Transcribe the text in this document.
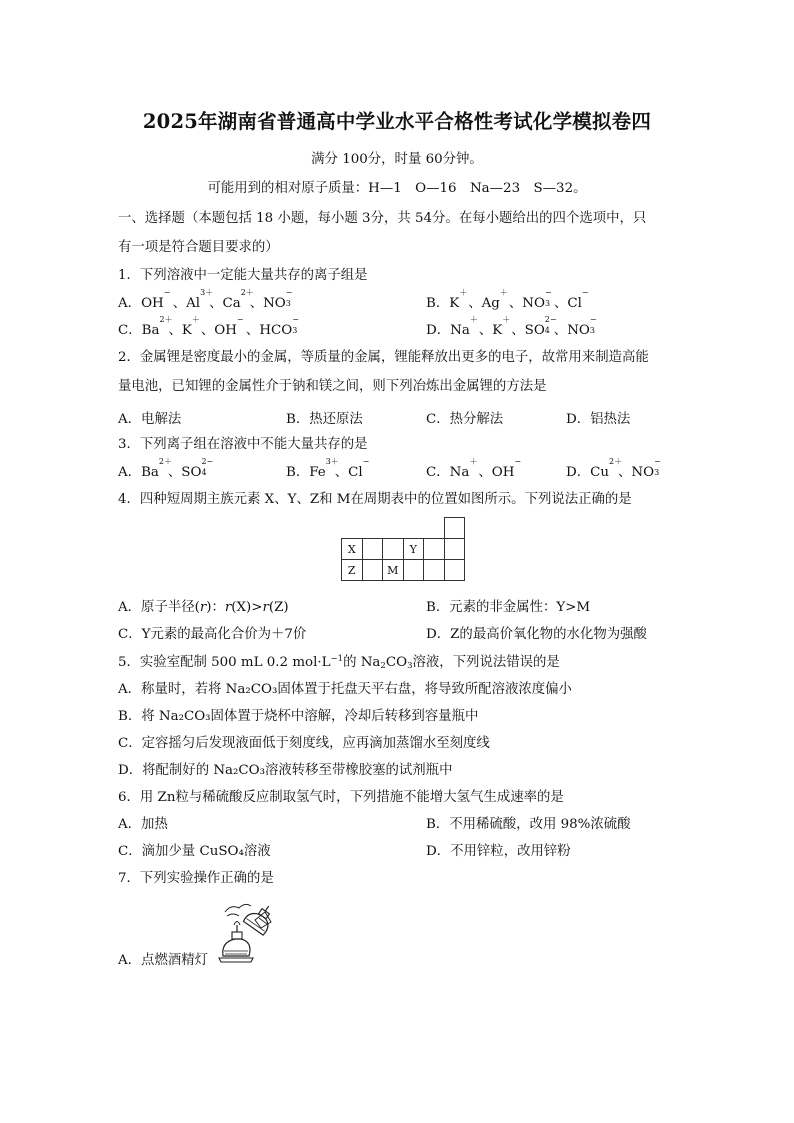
2025年湖南省普通高中学业水平合格性考试化学模拟卷四
满分 100分，时量 60分钟。
可能用到的相对原子质量：H—1　O—16　Na—23　S—32。
一、选择题（本题包括 18 小题，每小题 3分，共 54分。在每小题给出的四个选项中，只
有一项是符合题目要求的）
1．下列溶液中一定能大量共存的离子组是
A．OH
−
、Al
3＋
、Ca
2＋
、NO
−
3	B．K
＋
、Ag
＋
、NO
−
3 、Cl
−
C．Ba
2＋
、K
＋
、OH
−
、HCO
−
3	D．Na
＋
、K
＋
、SO
2−
4 、NO
−
3
2．金属锂是密度最小的金属，等质量的金属，锂能释放出更多的电子，故常用来制造高能
量电池，已知锂的金属性介于钠和镁之间，则下列冶炼出金属锂的方法是
A．电解法	B．热还原法	C．热分解法	D．铝热法
3．下列离子组在溶液中不能大量共存的是
A．Ba
2＋
、SO
2−
4	B．Fe
3＋
、Cl
−
C．Na
＋
、OH
−
D．Cu
2＋
、NO
−
3
4．四种短周期主族元素 X、Y、Z和 M在周期表中的位置如图所示。下列说法正确的是

X			Y		
Z		M			
A．原子半径(r)：r(X)>r(Z)	B．元素的非金属性：Y>M
C．Y元素的最高化合价为＋7价	D．Z的最高价氧化物的水化物为强酸
5．实验室配制 500 mL 0.2 $mol\cdot L^{-1}$的 $Na_2CO_3$溶液，下列说法错误的是
A．称量时，若将 Na₂CO₃固体置于托盘天平右盘，将导致所配溶液浓度偏小
B．将 Na₂CO₃固体置于烧杯中溶解，冷却后转移到容量瓶中
C．定容摇匀后发现液面低于刻度线，应再滴加蒸馏水至刻度线
D．将配制好的 Na₂CO₃溶液转移至带橡胶塞的试剂瓶中
6．用 Zn粒与稀硫酸反应制取氢气时，下列措施不能增大氢气生成速率的是
A．加热	B．不用稀硫酸，改用 98%浓硫酸
C．滴加少量 CuSO₄溶液	D．不用锌粒，改用锌粉
7．下列实验操作正确的是
A．点燃酒精灯
